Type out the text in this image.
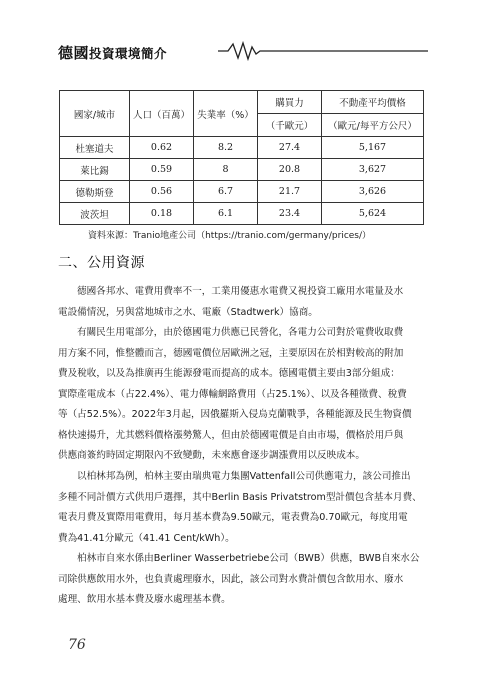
德國投資環境簡介
國家/城市	人口（百萬）	失業率（%）	購買力	不動產平均價格
			（千歐元）	（歐元/每平方公尺）
杜塞道夫	0.62	8.2	27.4	5,167
萊比錫	0.59	8	20.8	3,627
德勒斯登	0.56	6.7	21.7	3,626
波茨坦	0.18	6.1	23.4	5,624
資料來源：Tranio地產公司（https://tranio.com/germany/prices/）
二、公用資源

德國各邦水、電費用費率不一，工業用優惠水電費又視投資工廠用水電量及水
電設備情況，另與當地城市之水、電廠（Stadtwerk）協商。

有關民生用電部分，由於德國電力供應已民營化，各電力公司對於電費收取費
用方案不同，惟整體而言，德國電價位居歐洲之冠，主要原因在於相對較高的附加
費及稅收，以及為推廣再生能源發電而提高的成本。德國電價主要由3部分組成：
實際產電成本（占22.4%）、電力傳輸網路費用（占25.1%）、以及各種徵費、稅費
等（占52.5%）。2022年3月起，因俄羅斯入侵烏克蘭戰爭，各種能源及民生物資價
格快速揚升，尤其燃料價格漲勢驚人，但由於德國電價是自由市場，價格於用戶與
供應商簽約時固定期限內不致變動，未來應會逐步調漲費用以反映成本。

以柏林邦為例，柏林主要由瑞典電力集團Vattenfall公司供應電力，該公司推出
多種不同計價方式供用戶選擇，其中Berlin Basis Privatstrom型計價包含基本月費、
電表月費及實際用電費用，每月基本費為9.50歐元，電表費為0.70歐元，每度用電
費為41.41分歐元（41.41 Cent/kWh）。

柏林市自來水係由Berliner Wasserbetriebe公司（BWB）供應，BWB自來水公
司除供應飲用水外，也負責處理廢水，因此，該公司對水費計價包含飲用水、廢水
處理、飲用水基本費及廢水處理基本費。

76
